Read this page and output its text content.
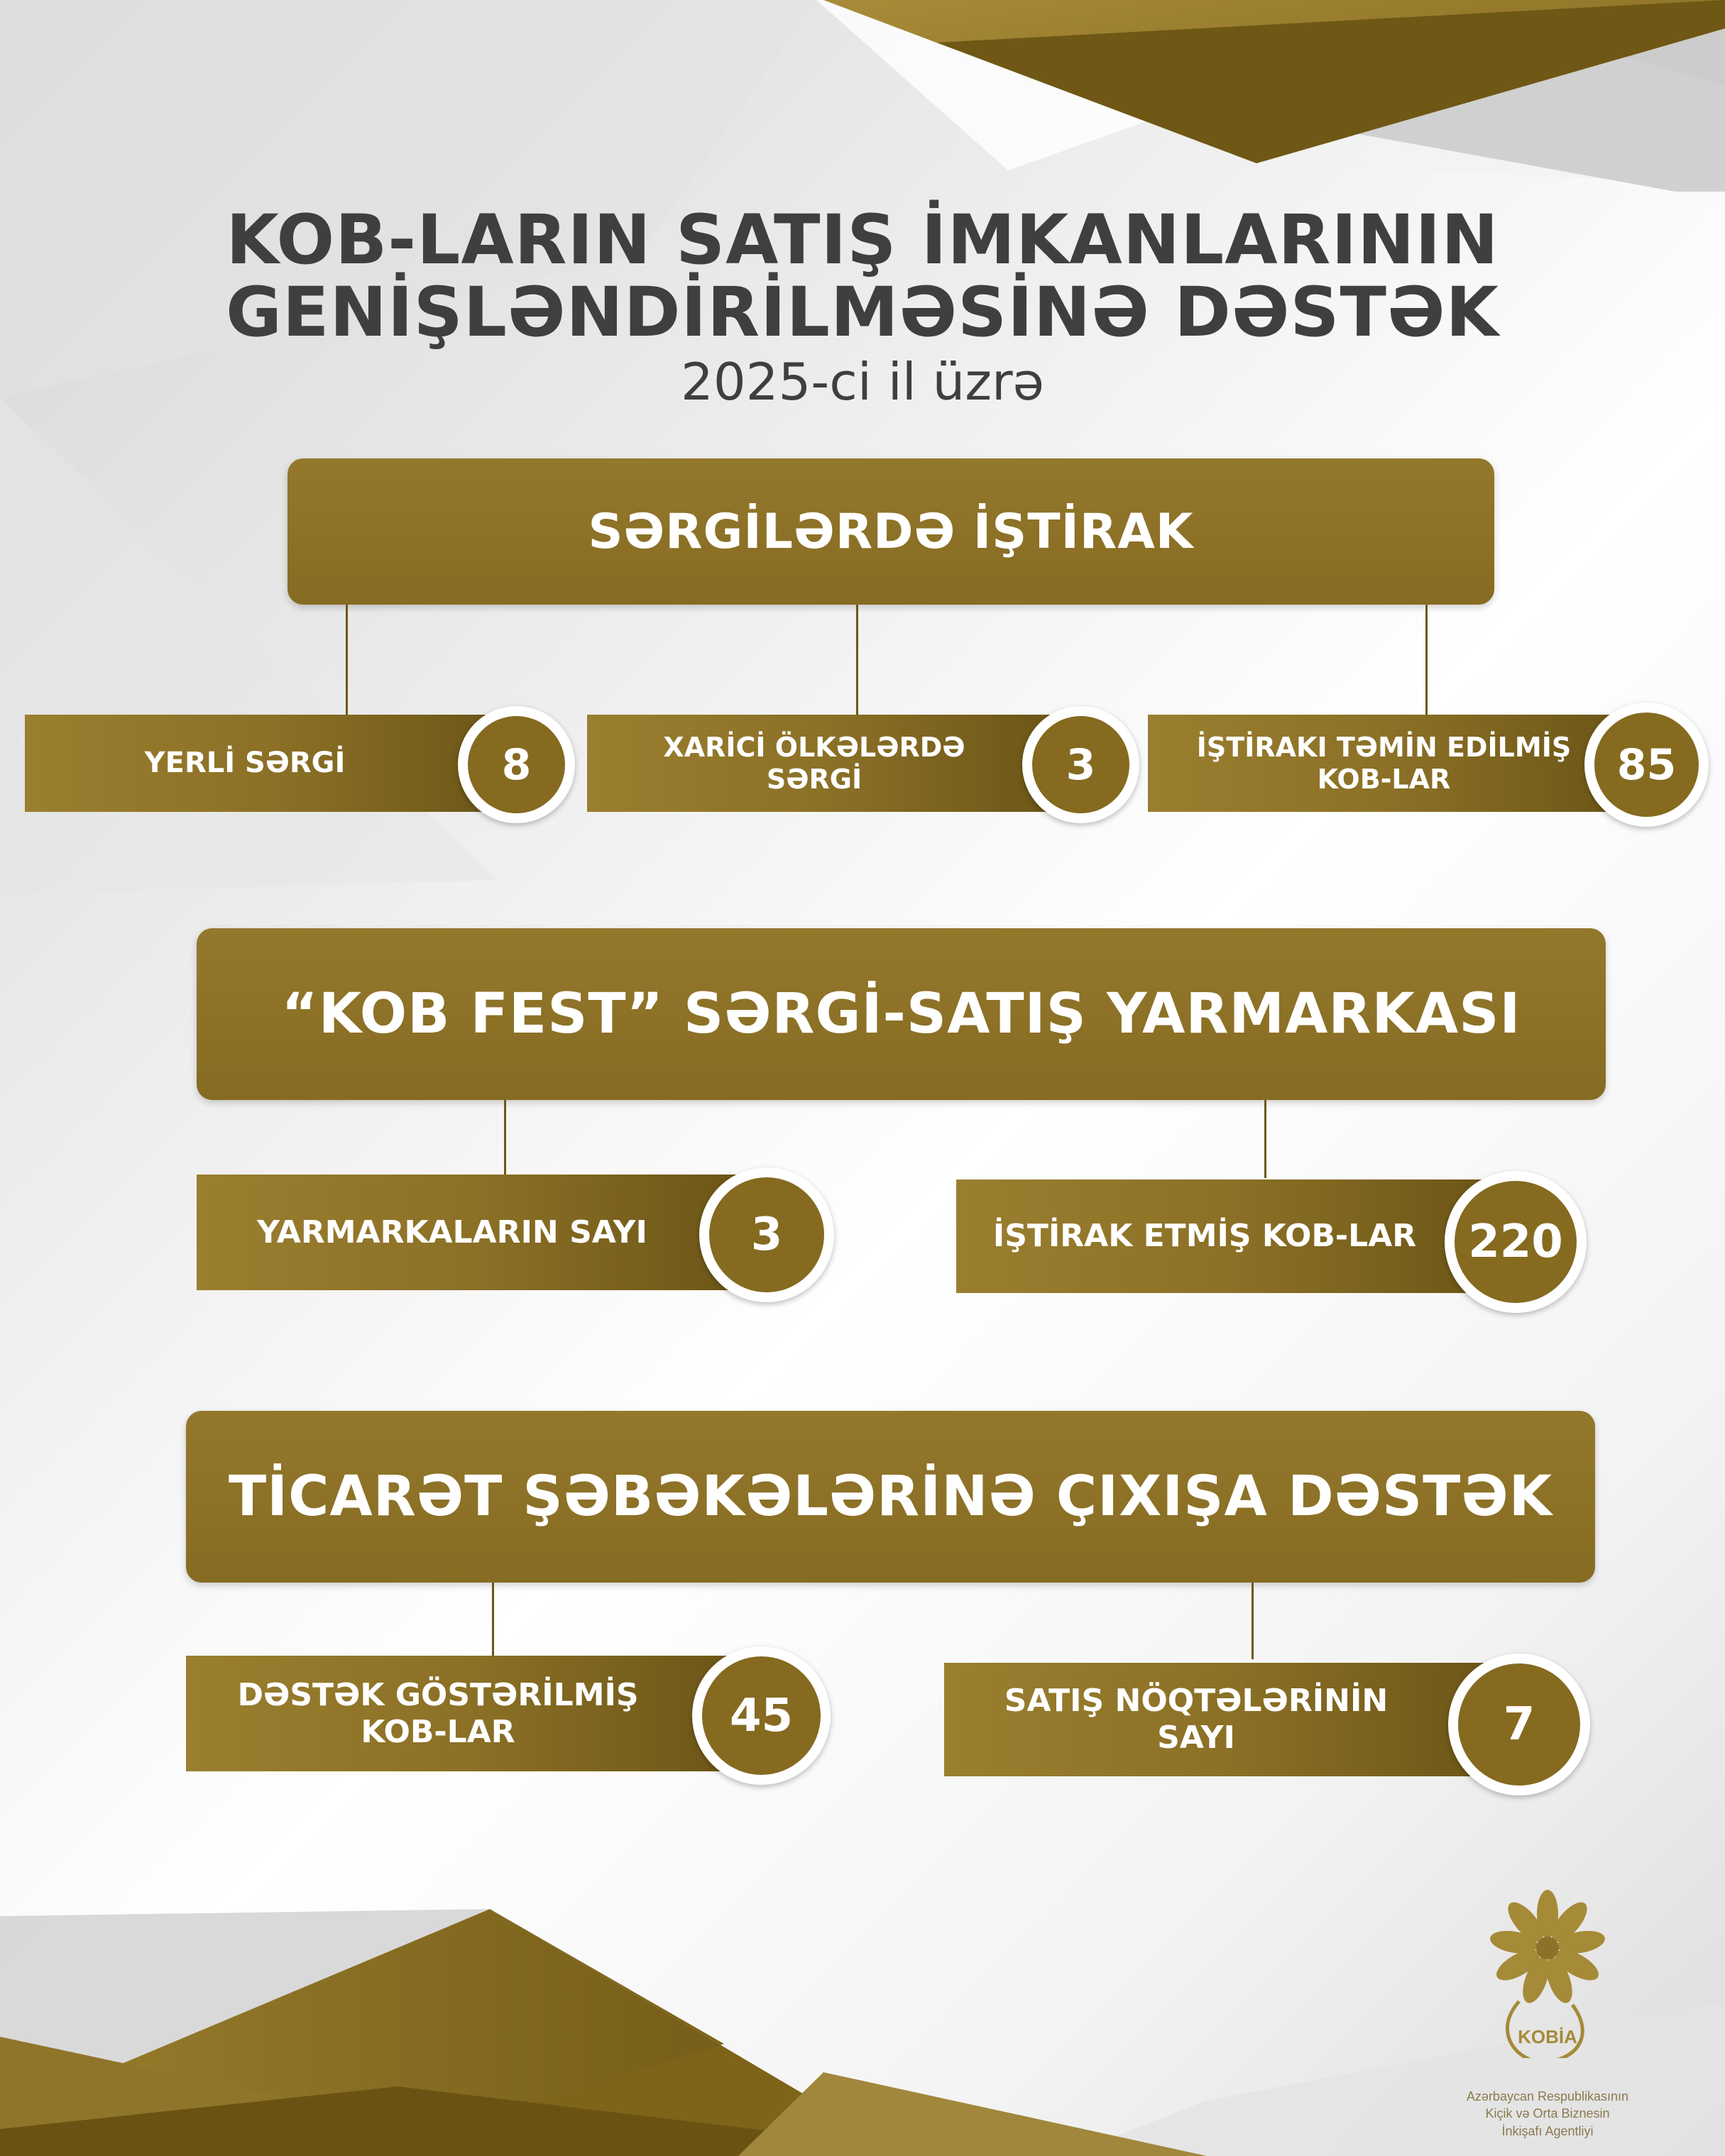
KOB-LARIN SATIŞ İMKANLARININ
GENİŞLƏNDİRİLMƏSİNƏ DƏSTƏK
2025-ci il üzrə
SƏRGİLƏRDƏ İŞTİRAK
YERLİ SƏRGİ	8	XARİCİ ÖLKƏLƏRDƏ
SƏRGİ	3	İŞTİRAKI TƏMİN EDİLMİŞ
KOB-LAR	85
“KOB FEST” SƏRGİ-SATIŞ YARMARKASI
YARMARKALARIN SAYI 3	İŞTİRAK ETMİŞ KOB-LAR 220
TİCARƏT ŞƏBƏKƏLƏRİNƏ ÇIXIŞA DƏSTƏK
DƏSTƏK GÖSTƏRİLMİŞ
KOB-LAR	45	SATIŞ NÖQTƏLƏRİNİN
SAYI	7
KOBİA
Azərbaycan Respublikasının
Kiçik və Orta Biznesin
İnkişafı Agentliyi
